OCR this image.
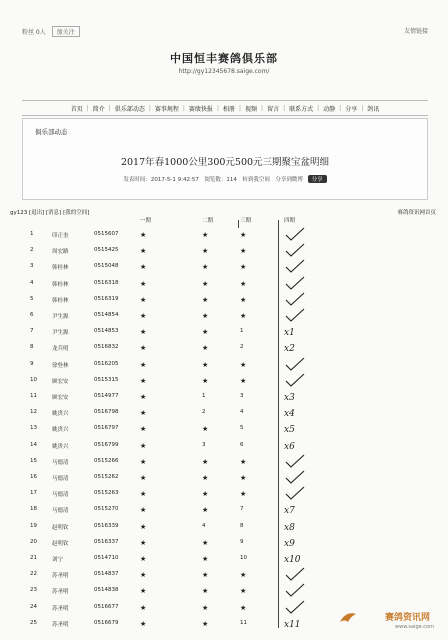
粉丝 0人 加关注	友情链接
中国恒丰赛鸽俱乐部
http://gy12345678.saige.com/
首页 | 简介 | 俱乐部动态 | 赛事规程 | 赛绩快报 | 相册 | 视频 | 留言 | 联系方式 | 动静 | 分享 | 鸽讯
俱乐部动态
2017年春1000公里300元500元三期聚宝盆明细
发表时间：2017-5-1 9:42:57　阅览数：114　转到我空间　分享到微博 分享
gy123 [退出] [消息] [我的空间]	赛鸽资讯网首页
一期	二期	三期	四期
1	印正奎	0515607	★	★	★
2	周宏路	0515425	★	★	★
3	韩桂林	0515048	★	★	★
4	韩桂林	0516318	★	★	★
5	韩桂林	0516319	★	★	★
6	尹生源	0514854	★	★	★
7	尹生源	0514853	★	★	1	x1
8	龙兵明	0516832	★	★	2	x2
9	徐登林	0516205	★	★	★
10	顾宏安	0515315	★	★	★
11	顾宏安	0514977	★	1	3	x3
12	姚贵兴	0516798	★	2	4	x4
13	姚贵兴	0516797	★	★	5	x5
14	姚贵兴	0516799	★	3	6	x6
15	马德清	0515266	★	★	★
16	马德清	0515262	★	★	★
17	马德清	0515263	★	★	★
18	马德清	0515270	★	★	7	x7
19	赵明钦	0516339	★	4	8	x8
20	赵明钦	0516337	★	★	9	x9
21	刘宁	0514710	★	★	10	x10
22	苏圣明	0514837	★	★	★
23	苏圣明	0514838	★	★	★
24	苏圣明	0516677	★	★	★
25	苏圣明	0516679	★	★	11	x11
赛鸽资讯网
www.saige.com
